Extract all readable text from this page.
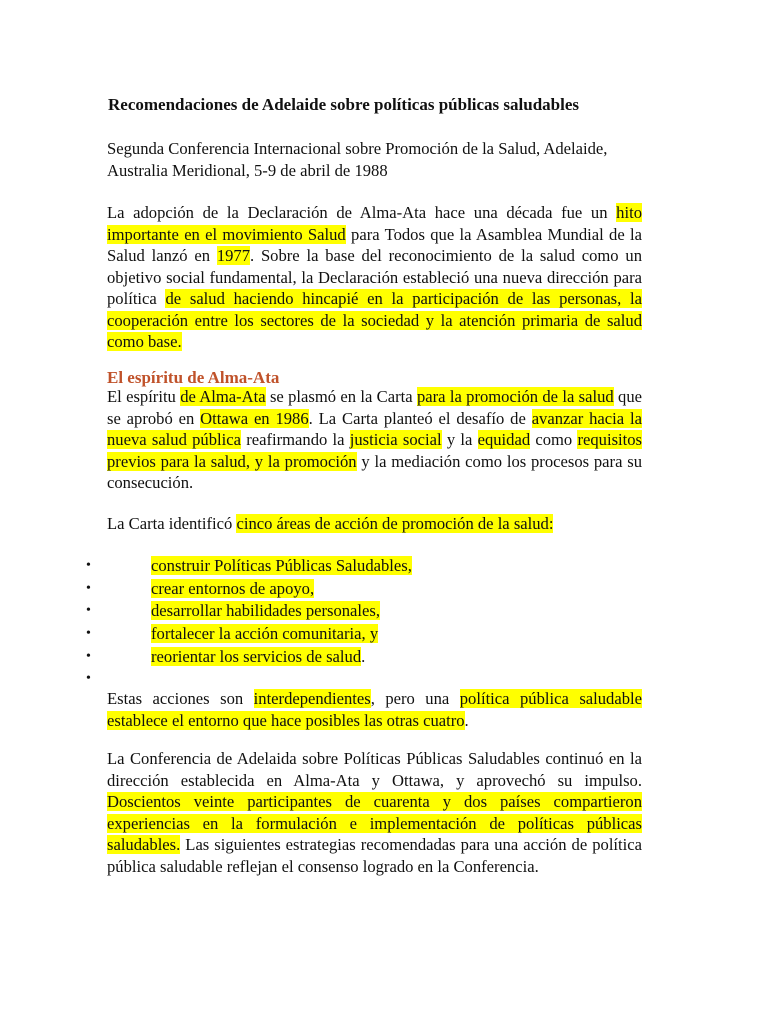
Recomendaciones de Adelaide sobre políticas públicas saludables
Segunda Conferencia Internacional sobre Promoción de la Salud, Adelaide, Australia Meridional, 5-9 de abril de 1988
La adopción de la Declaración de Alma-Ata hace una década fue un hito importante en el movimiento Salud para Todos que la Asamblea Mundial de la Salud lanzó en 1977. Sobre la base del reconocimiento de la salud como un objetivo social fundamental, la Declaración estableció una nueva dirección para política de salud haciendo hincapié en la participación de las personas, la cooperación entre los sectores de la sociedad y la atención primaria de salud como base.
El espíritu de Alma-Ata
El espíritu de Alma-Ata se plasmó en la Carta para la promoción de la salud que se aprobó en Ottawa en 1986. La Carta planteó el desafío de avanzar hacia la nueva salud pública reafirmando la justicia social y la equidad como requisitos previos para la salud, y la promoción y la mediación como los procesos para su consecución.
La Carta identificó cinco áreas de acción de promoción de la salud:
•	construir Políticas Públicas Saludables,
•	crear entornos de apoyo,
•	desarrollar habilidades personales,
•	fortalecer la acción comunitaria, y
•	reorientar los servicios de salud.
•
Estas acciones son interdependientes, pero una política pública saludable establece el entorno que hace posibles las otras cuatro.
La Conferencia de Adelaida sobre Políticas Públicas Saludables continuó en la dirección establecida en Alma-Ata y Ottawa, y aprovechó su impulso. Doscientos veinte participantes de cuarenta y dos países compartieron experiencias en la formulación e implementación de políticas públicas saludables. Las siguientes estrategias recomendadas para una acción de política pública saludable reflejan el consenso logrado en la Conferencia.
